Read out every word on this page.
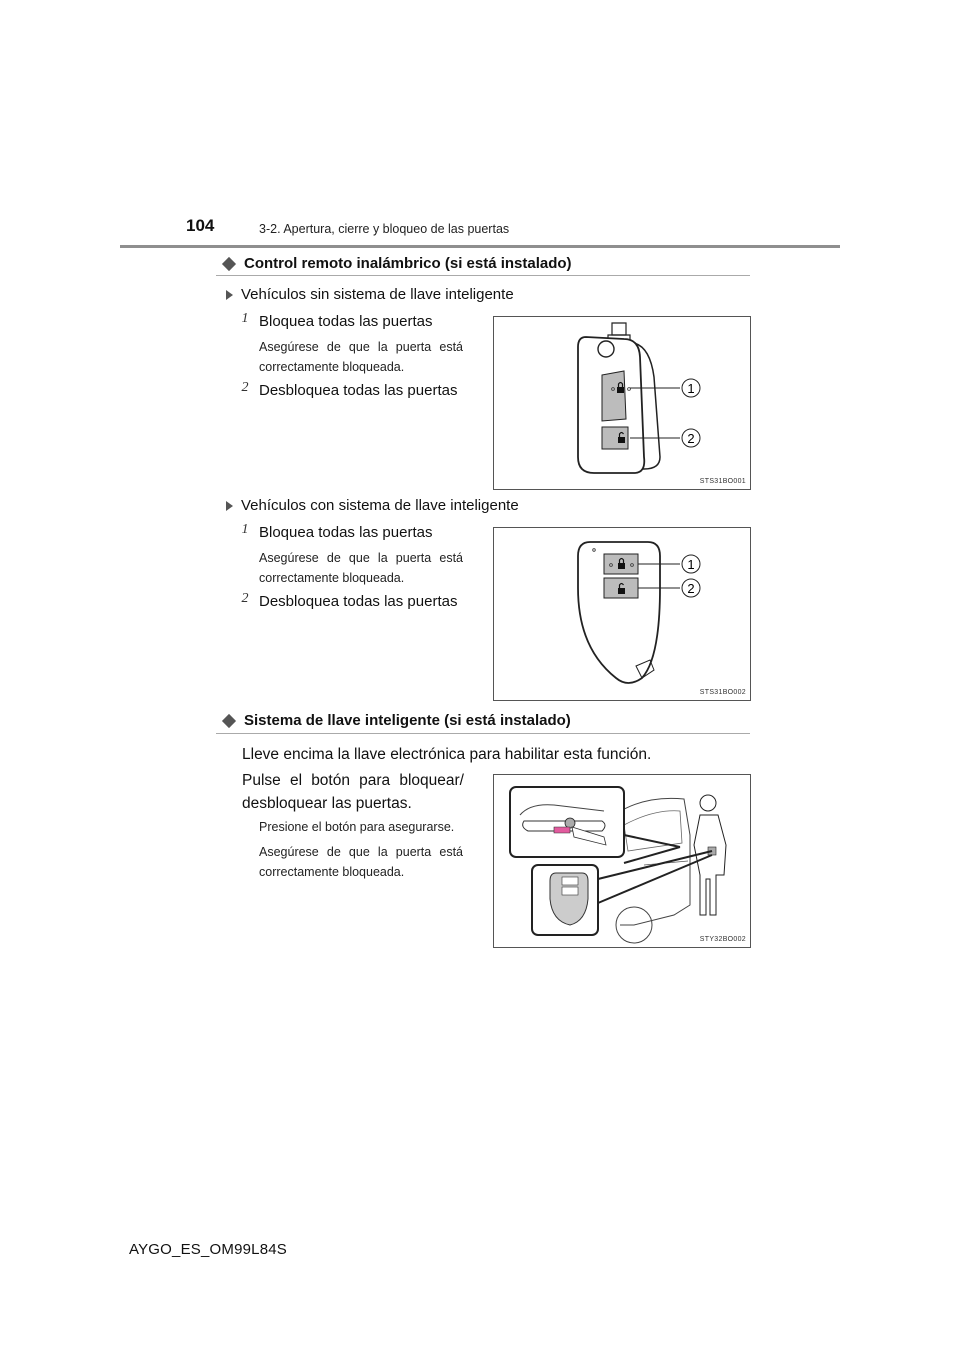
104	3-2. Apertura, cierre y bloqueo de las puertas
Control remoto inalámbrico (si está instalado)
Vehículos sin sistema de llave inteligente
1 Bloquea todas las puertas
Asegúrese de que la puerta está correctamente bloqueada.
2 Desbloquea todas las puertas	1
2
STS31BO001
Vehículos con sistema de llave inteligente
1 Bloquea todas las puertas
Asegúrese de que la puerta está correctamente bloqueada.
2 Desbloquea todas las puertas
1
2
STS31BO002
Sistema de llave inteligente (si está instalado)
Lleve encima la llave electrónica para habilitar esta función.
Pulse el botón para bloquear/ desbloquear las puertas.
Presione el botón para asegurarse.
Asegúrese de que la puerta está correctamente bloqueada.
STY32BO002
AYGO_ES_OM99L84S
